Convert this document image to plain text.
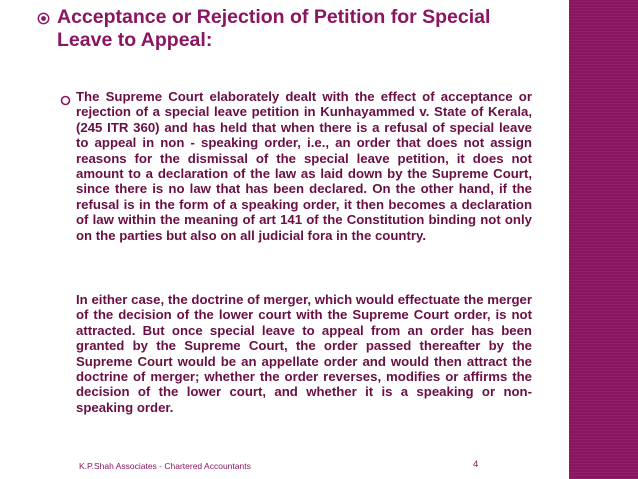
Acceptance or Rejection of Petition for Special Leave to Appeal:

The Supreme Court elaborately dealt with the effect of acceptance or rejection of a special leave petition in Kunhayammed v. State of Kerala, (245 ITR 360) and has held that when there is a refusal of special leave to appeal in non - speaking order, i.e., an order that does not assign reasons for the dismissal of the special leave petition, it does not amount to a declaration of the law as laid down by the Supreme Court, since there is no law that has been declared. On the other hand, if the refusal is in the form of a speaking order, it then becomes a declaration of law within the meaning of art 141 of the Constitution binding not only on the parties but also on all judicial fora in the country.

In either case, the doctrine of merger, which would effectuate the merger of the decision of the lower court with the Supreme Court order, is not attracted. But once special leave to appeal from an order has been granted by the Supreme Court, the order passed thereafter by the Supreme Court would be an appellate order and would then attract the doctrine of merger; whether the order reverses, modifies or affirms the decision of the lower court, and whether it is a speaking or non-speaking order.

K.P.Shah Associates - Chartered Accountants	4
